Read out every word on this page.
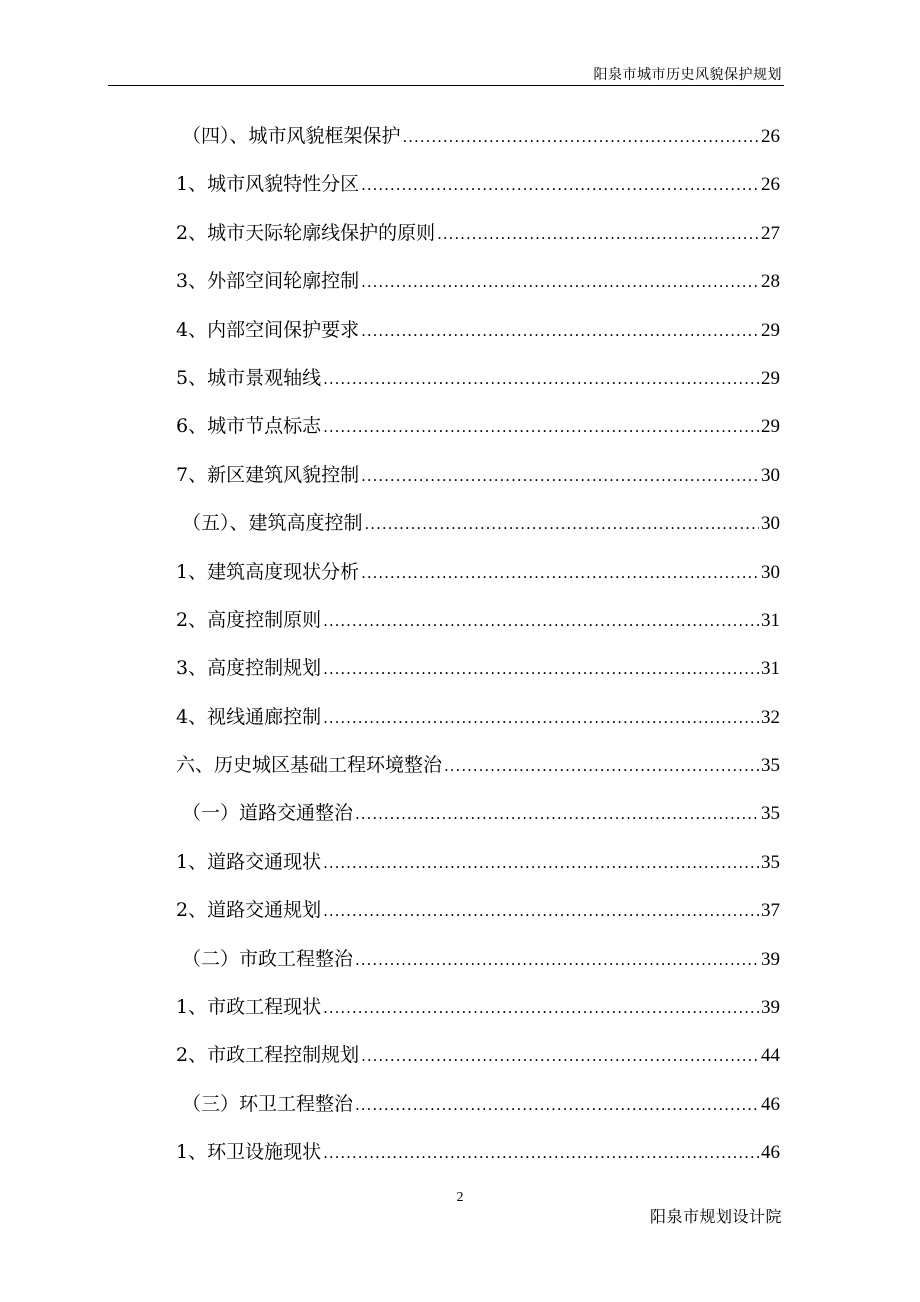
阳泉市城市历史风貌保护规划
（四）、城市风貌框架保护 .....	26
1、城市风貌特性分区 .....	26
2、城市天际轮廓线保护的原则 .....	27
3、外部空间轮廓控制 .....	28
4、内部空间保护要求 .....	29
5、城市景观轴线 .....	29
6、城市节点标志 .....	29
7、新区建筑风貌控制 .....	30
（五）、建筑高度控制 .....	30
1、建筑高度现状分析 .....	30
2、高度控制原则 .....	31
3、高度控制规划 .....	31
4、视线通廊控制 .....	32
六、历史城区基础工程环境整治 .....	35
（一）道路交通整治 .....	35
1、道路交通现状 .....	35
2、道路交通规划 .....	37
（二）市政工程整治 .....	39
1、市政工程现状 .....	39
2、市政工程控制规划 .....	44
（三）环卫工程整治 .....	46
1、环卫设施现状 .....	46
2
阳泉市规划设计院
